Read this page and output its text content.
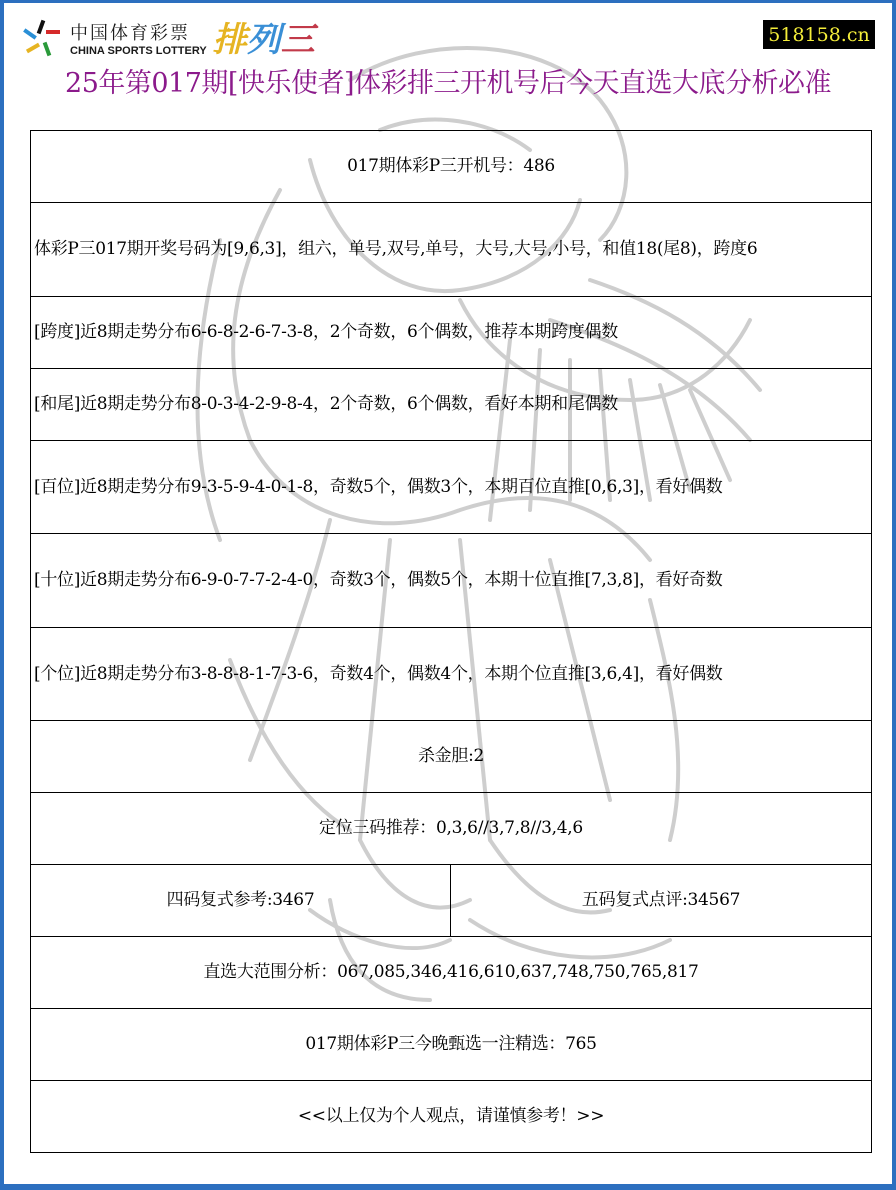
中国体育彩票
CHINA SPORTS LOTTERY 排 列 三	518158.cn
25年第017期[快乐使者]体彩排三开机号后今天直选大底分析必准
017期体彩P三开机号：486
体彩P三017期开奖号码为[9,6,3]，组六，单号,双号,单号，大号,大号,小号，和值18(尾8)，跨度6
[跨度]近8期走势分布6-6-8-2-6-7-3-8，2个奇数，6个偶数，推荐本期跨度偶数
[和尾]近8期走势分布8-0-3-4-2-9-8-4，2个奇数，6个偶数，看好本期和尾偶数
[百位]近8期走势分布9-3-5-9-4-0-1-8，奇数5个，偶数3个，本期百位直推[0,6,3]，看好偶数
[十位]近8期走势分布6-9-0-7-7-2-4-0，奇数3个，偶数5个，本期十位直推[7,3,8]，看好奇数
[个位]近8期走势分布3-8-8-8-1-7-3-6，奇数4个，偶数4个，本期个位直推[3,6,4]，看好偶数
杀金胆:2
定位三码推荐：0,3,6//3,7,8//3,4,6
四码复式参考:3467	五码复式点评:34567
直选大范围分析：067,085,346,416,610,637,748,750,765,817
017期体彩P三今晚甄选一注精选：765
<<以上仅为个人观点，请谨慎参考！>>
